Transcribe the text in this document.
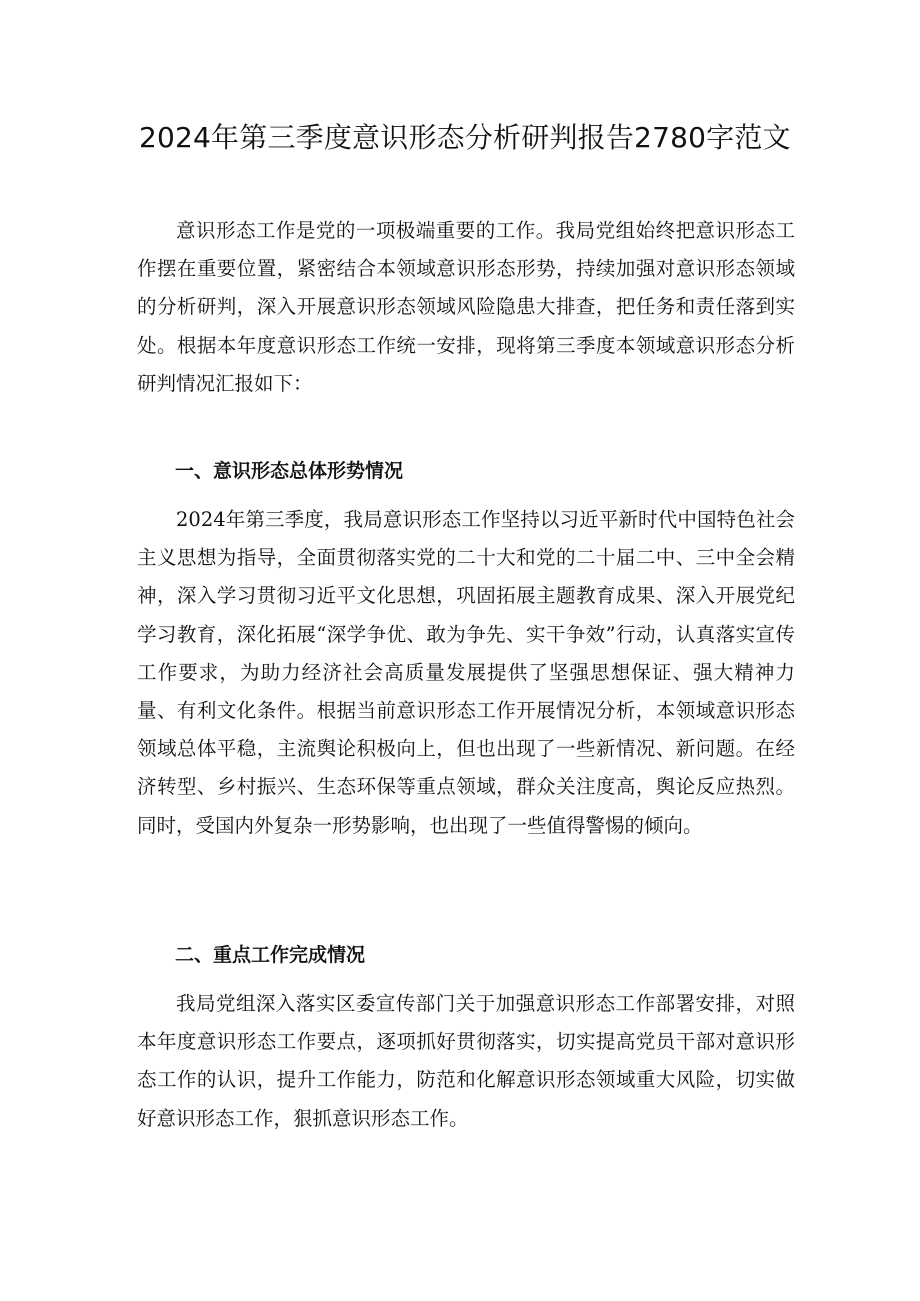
2024年第三季度意识形态分析研判报告2780字范文

意识形态工作是党的一项极端重要的工作。我局党组始终把意识形态工作摆在重要位置，紧密结合本领域意识形态形势，持续加强对意识形态领域的分析研判，深入开展意识形态领域风险隐患大排查，把任务和责任落到实处。根据本年度意识形态工作统一安排，现将第三季度本领域意识形态分析研判情况汇报如下：

一、意识形态总体形势情况

2024年第三季度，我局意识形态工作坚持以习近平新时代中国特色社会主义思想为指导，全面贯彻落实党的二十大和党的二十届二中、三中全会精神，深入学习贯彻习近平文化思想，巩固拓展主题教育成果、深入开展党纪学习教育，深化拓展“深学争优、敢为争先、实干争效”行动，认真落实宣传工作要求，为助力经济社会高质量发展提供了坚强思想保证、强大精神力量、有利文化条件。根据当前意识形态工作开展情况分析，本领域意识形态领域总体平稳，主流舆论积极向上，但也出现了一些新情况、新问题。在经济转型、乡村振兴、生态环保等重点领域，群众关注度高，舆论反应热烈。同时，受国内外复杂一形势影响，也出现了一些值得警惕的倾向。

二、重点工作完成情况

我局党组深入落实区委宣传部门关于加强意识形态工作部署安排，对照本年度意识形态工作要点，逐项抓好贯彻落实，切实提高党员干部对意识形态工作的认识，提升工作能力，防范和化解意识形态领域重大风险，切实做好意识形态工作，狠抓意识形态工作。
